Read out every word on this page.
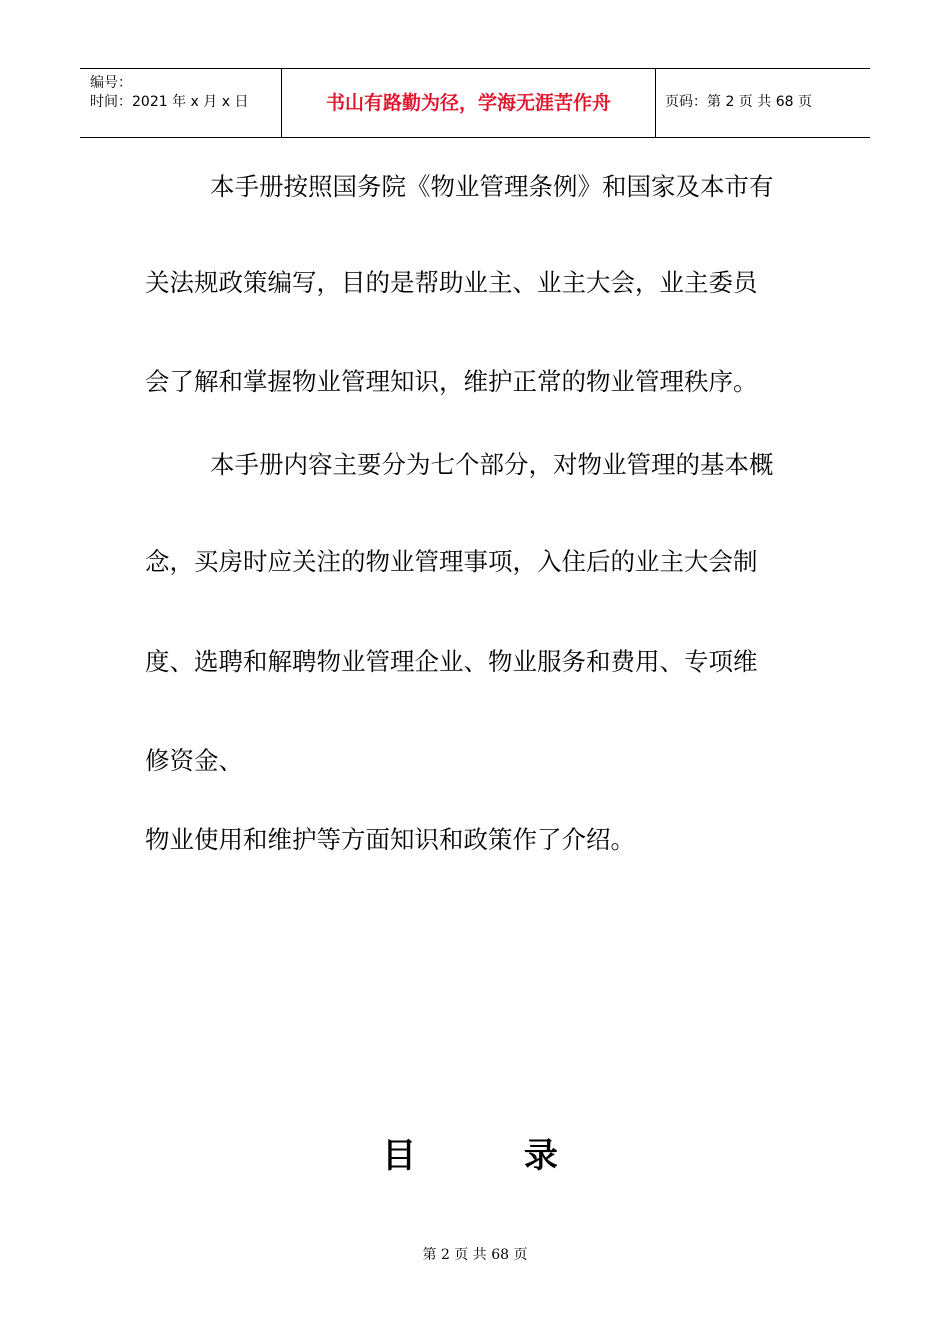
编号：
时间：2021 年 x 月 x 日	书山有路勤为径，学海无涯苦作舟	页码：第 2 页 共 68 页
本手册按照国务院《物业管理条例》和国家及本市有
关法规政策编写，目的是帮助业主、业主大会，业主委员
会了解和掌握物业管理知识，维护正常的物业管理秩序。
本手册内容主要分为七个部分，对物业管理的基本概
念，买房时应关注的物业管理事项，入住后的业主大会制
度、选聘和解聘物业管理企业、物业服务和费用、专项维
修资金、
物业使用和维护等方面知识和政策作了介绍。
目 录
第 2 页 共 68 页
